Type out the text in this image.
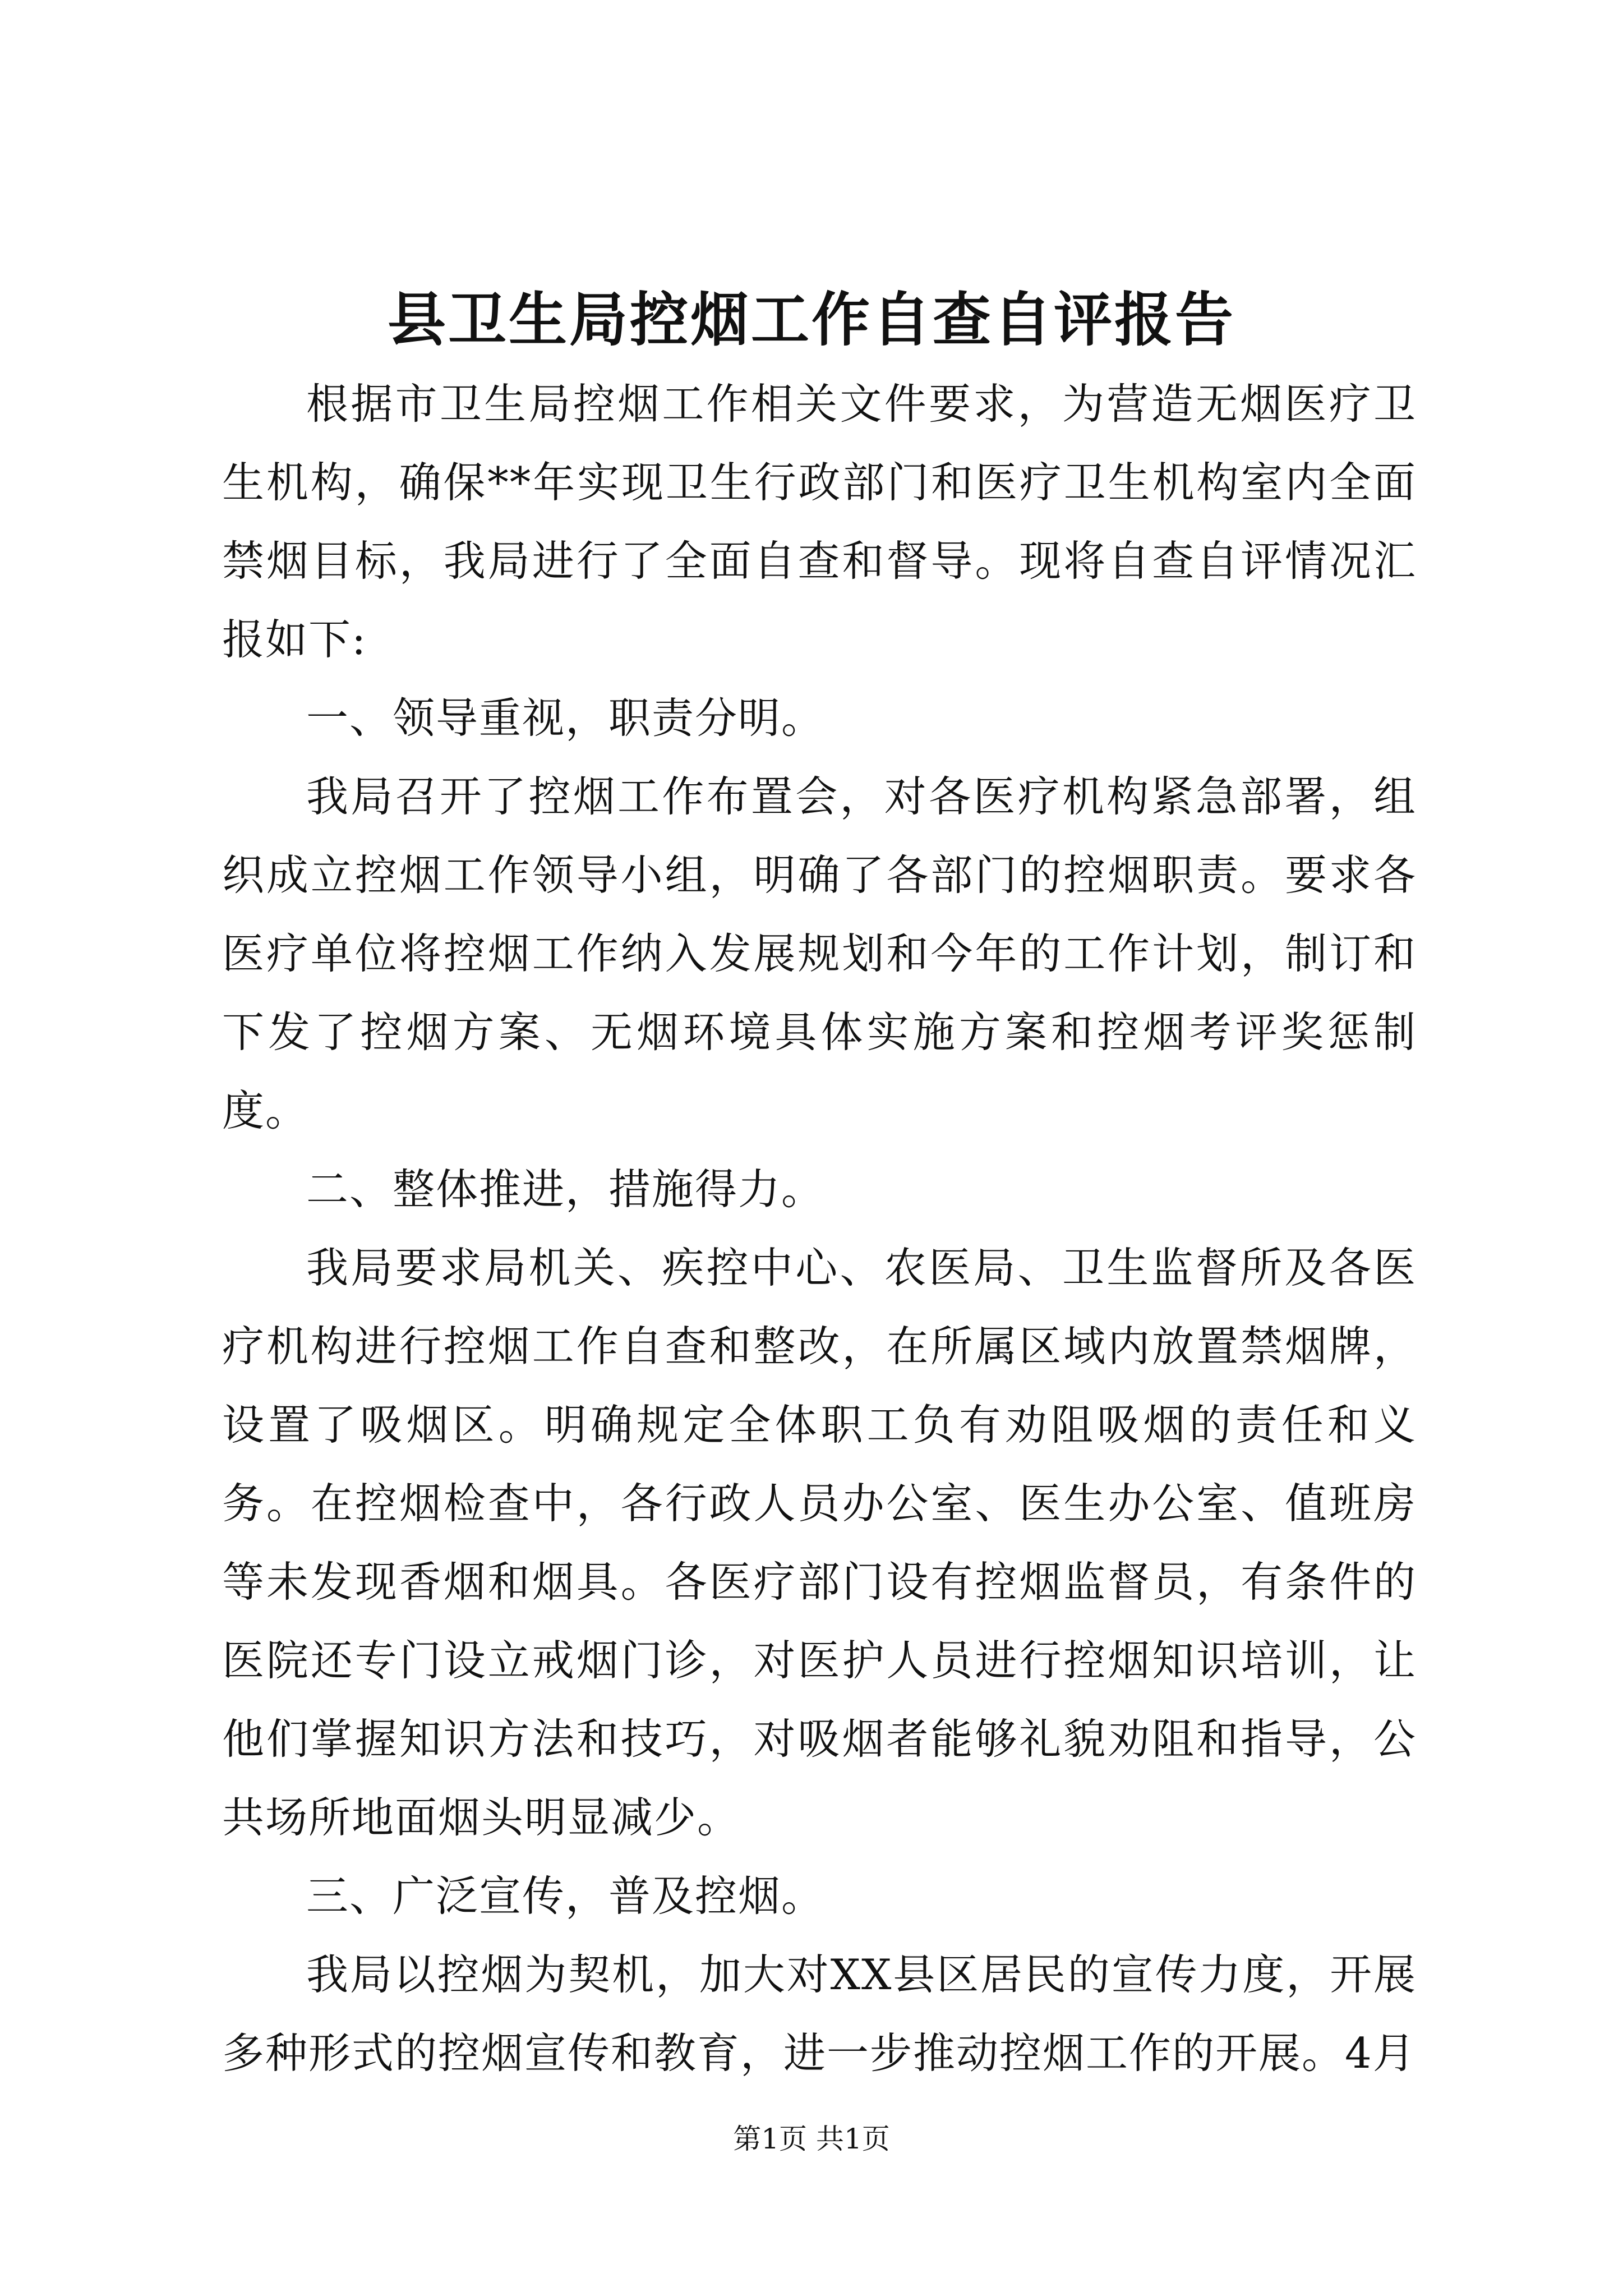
县卫生局控烟工作自查自评报告

根据市卫生局控烟工作相关文件要求，为营造无烟医疗卫生机构，确保**年实现卫生行政部门和医疗卫生机构室内全面禁烟目标，我局进行了全面自查和督导。现将自查自评情况汇报如下:

一、领导重视，职责分明。

我局召开了控烟工作布置会，对各医疗机构紧急部署，组织成立控烟工作领导小组，明确了各部门的控烟职责。要求各医疗单位将控烟工作纳入发展规划和今年的工作计划，制订和下发了控烟方案、无烟环境具体实施方案和控烟考评奖惩制度。

二、整体推进，措施得力。

我局要求局机关、疾控中心、农医局、卫生监督所及各医疗机构进行控烟工作自查和整改，在所属区域内放置禁烟牌，设置了吸烟区。明确规定全体职工负有劝阻吸烟的责任和义务。在控烟检查中，各行政人员办公室、医生办公室、值班房等未发现香烟和烟具。各医疗部门设有控烟监督员，有条件的医院还专门设立戒烟门诊，对医护人员进行控烟知识培训，让他们掌握知识方法和技巧，对吸烟者能够礼貌劝阻和指导，公共场所地面烟头明显减少。

三、广泛宣传，普及控烟。

我局以控烟为契机，加大对XX县区居民的宣传力度，开展多种形式的控烟宣传和教育，进一步推动控烟工作的开展。4月

第1页 共1页
